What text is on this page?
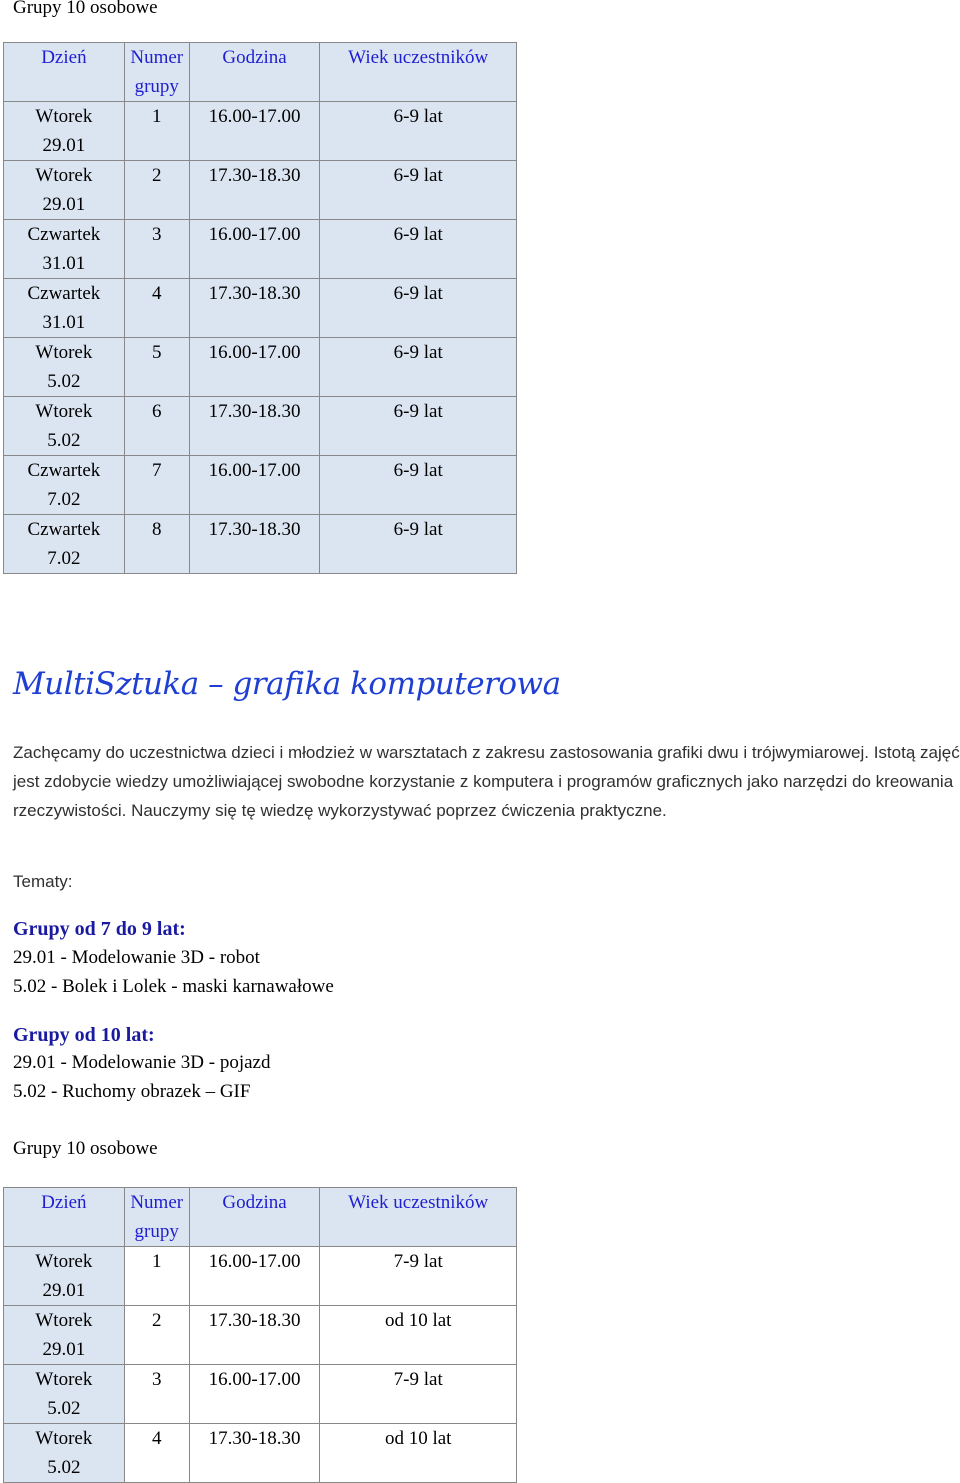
Grupy 10 osobowe
Dzień	Numer grupy	Godzina	Wiek uczestników

Wtorek
29.01	1	16.00-17.00	6-9 lat

Wtorek
29.01	2	17.30-18.30	6-9 lat

Czwartek
31.01	3	16.00-17.00	6-9 lat

Czwartek
31.01	4	17.30-18.30	6-9 lat

Wtorek
5.02	5	16.00-17.00	6-9 lat

Wtorek
5.02	6	17.30-18.30	6-9 lat

Czwartek
7.02	7	16.00-17.00	6-9 lat

Czwartek
7.02	8	17.30-18.30	6-9 lat
MultiSztuka – grafika komputerowa

Zachęcamy do uczestnictwa dzieci i młodzież w warsztatach z zakresu zastosowania grafiki dwu i trójwymiarowej. Istotą zajęć jest zdobycie wiedzy umożliwiającej swobodne korzystanie z komputera i programów graficznych jako narzędzi do kreowania rzeczywistości. Nauczymy się tę wiedzę wykorzystywać poprzez ćwiczenia praktyczne.

Tematy:
Grupy od 7 do 9 lat:
29.01 - Modelowanie 3D - robot
5.02 - Bolek i Lolek - maski karnawałowe
Grupy od 10 lat:
29.01 - Modelowanie 3D - pojazd
5.02 - Ruchomy obrazek – GIF
Grupy 10 osobowe
Dzień	Numer grupy	Godzina	Wiek uczestników

Wtorek
29.01	1	16.00-17.00	7-9 lat

Wtorek
29.01	2	17.30-18.30	od 10 lat

Wtorek
5.02	3	16.00-17.00	7-9 lat

Wtorek
5.02	4	17.30-18.30	od 10 lat
